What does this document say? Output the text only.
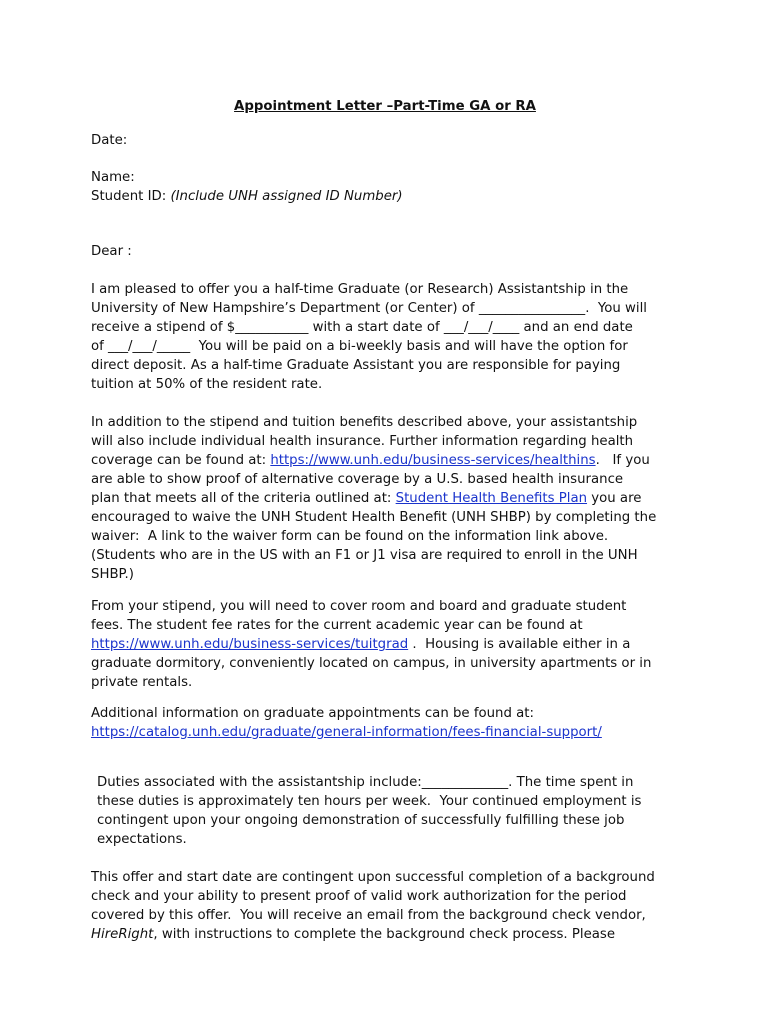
Appointment Letter –Part-Time GA or RA
Date:
Name:
Student ID: (Include UNH assigned ID Number)
Dear :
I am pleased to offer you a half-time Graduate (or Research) Assistantship in the
University of New Hampshire’s Department (or Center) of ________________.  You will
receive a stipend of $___________ with a start date of ___/___/____ and an end date
of ___/___/_____  You will be paid on a bi-weekly basis and will have the option for
direct deposit. As a half-time Graduate Assistant you are responsible for paying
tuition at 50% of the resident rate.
In addition to the stipend and tuition benefits described above, your assistantship
will also include individual health insurance. Further information regarding health
coverage can be found at: https://www.unh.edu/business-services/healthins.   If you
are able to show proof of alternative coverage by a U.S. based health insurance
plan that meets all of the criteria outlined at: Student Health Benefits Plan you are
encouraged to waive the UNH Student Health Benefit (UNH SHBP) by completing the
waiver:  A link to the waiver form can be found on the information link above.
(Students who are in the US with an F1 or J1 visa are required to enroll in the UNH
SHBP.)
From your stipend, you will need to cover room and board and graduate student
fees. The student fee rates for the current academic year can be found at
https://www.unh.edu/business-services/tuitgrad .  Housing is available either in a
graduate dormitory, conveniently located on campus, in university apartments or in
private rentals.
Additional information on graduate appointments can be found at:
https://catalog.unh.edu/graduate/general-information/fees-financial-support/
Duties associated with the assistantship include:_____________. The time spent in
these duties is approximately ten hours per week.  Your continued employment is
contingent upon your ongoing demonstration of successfully fulfilling these job
expectations.
This offer and start date are contingent upon successful completion of a background
check and your ability to present proof of valid work authorization for the period
covered by this offer.  You will receive an email from the background check vendor,
HireRight, with instructions to complete the background check process. Please
